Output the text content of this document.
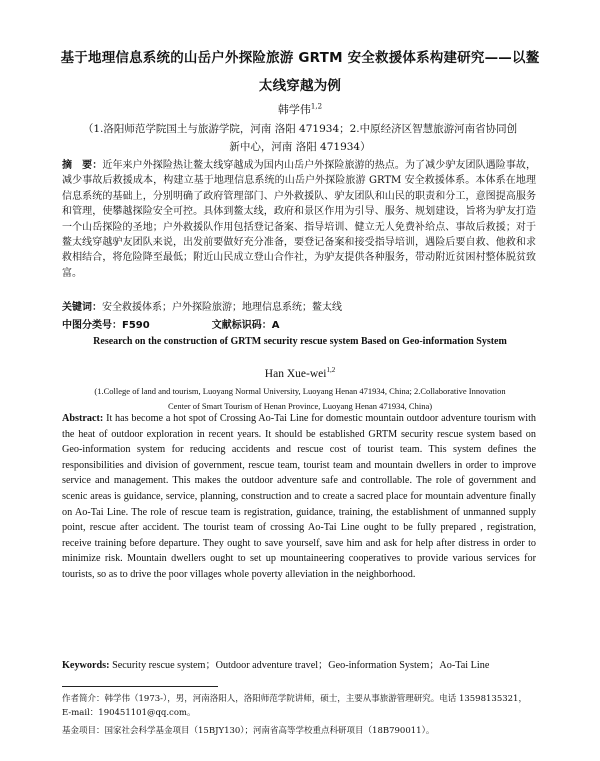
基于地理信息系统的山岳户外探险旅游 GRTM 安全救援体系构建研究——以鳌太线穿越为例
韩学伟$^{1,2}$
（1.洛阳师范学院国土与旅游学院，河南 洛阳 471934；2.中原经济区智慧旅游河南省协同创新中心，河南 洛阳 471934）
摘　要：近年来户外探险热让鳌太线穿越成为国内山岳户外探险旅游的热点。为了减少驴友团队遇险事故，减少事故后救援成本，构建立基于地理信息系统的山岳户外探险旅游 GRTM 安全救援体系。本体系在地理信息系统的基础上，分别明确了政府管理部门、户外救援队、驴友团队和山民的职责和分工，意图提高服务和管理，使攀越探险安全可控。具体到鳌太线，政府和景区作用为引导、服务、规划建设，旨将为驴友打造一个山岳探险的圣地；户外救援队作用包括登记备案、指导培训、健立无人免费补给点、事故后救援；对于鳌太线穿越驴友团队来说，出发前要做好充分准备，要登记备案和接受指导培训，遇险后要自救、他救和求救相结合，将危险降至最低；附近山民成立登山合作社，为驴友提供各种服务，带动附近贫困村整体脱贫致富。
关键词：安全救援体系；户外探险旅游；地理信息系统；鳌太线
中图分类号：F590	文献标识码：A
Research on the construction of GRTM security rescue system Based on Geo-information System
Han Xue-wei$^{1,2}$
(1.College of land and tourism, Luoyang Normal University, Luoyang Henan 471934, China; 2.Collaborative Innovation Center of Smart Tourism of Henan Province, Luoyang Henan 471934, China)
Abstract: It has become a hot spot of Crossing Ao-Tai Line for domestic mountain outdoor adventure tourism with the heat of outdoor exploration in recent years. It should be established GRTM security rescue system based on Geo-information system for reducing accidents and rescue cost of tourist team. This system defines the responsibilities and division of government, rescue team, tourist team and mountain dwellers in order to improve service and management. This makes the outdoor adventure safe and controllable. The role of government and scenic areas is guidance, service, planning, construction and to create a sacred place for mountain adventure finally on Ao-Tai Line. The role of rescue team is registration, guidance, training, the establishment of unmanned supply point, rescue after accident. The tourist team of crossing Ao-Tai Line ought to be fully prepared , registration, receive training before departure. They ought to save yourself, save him and ask for help after distress in order to minimize risk. Mountain dwellers ought to set up mountaineering cooperatives to provide various services for tourists, so as to drive the poor villages whole poverty alleviation in the neighborhood.
Keywords: Security rescue system；Outdoor adventure travel；Geo-information System；Ao-Tai Line
作者简介：韩学伟（1973-），男，河南洛阳人，洛阳师范学院讲师，硕士，主要从事旅游管理研究。电话 13598135321，E-mail：190451101@qq.com。
基金项目：国家社会科学基金项目（15BJY130）；河南省高等学校重点科研项目（18B790011）。
